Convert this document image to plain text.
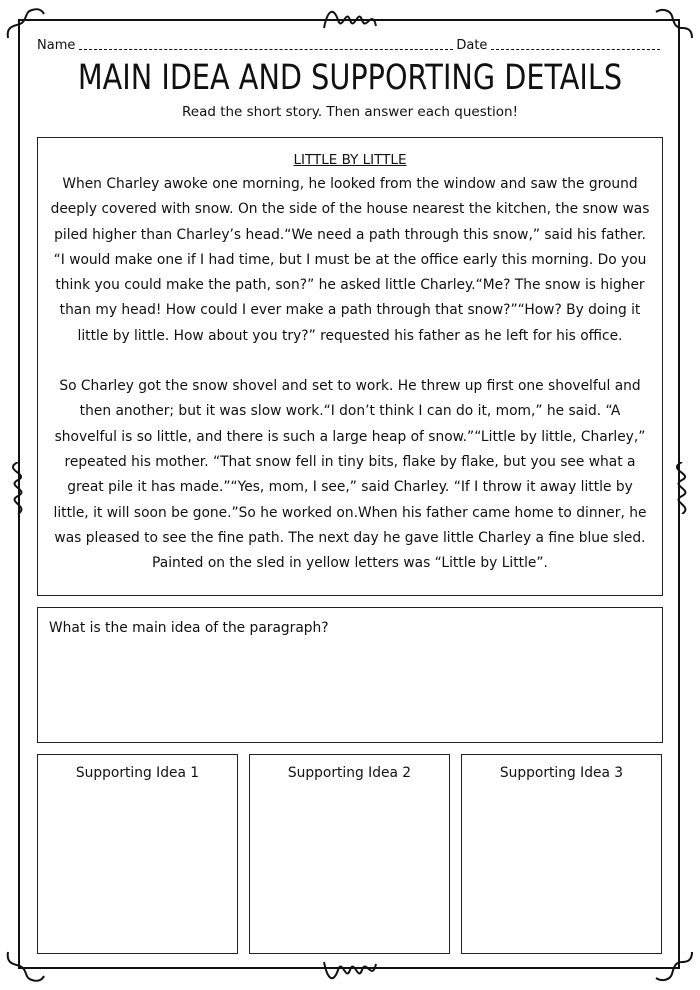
Name	Date
MAIN IDEA AND SUPPORTING DETAILS
Read the short story. Then answer each question!
LITTLE BY LITTLE

When Charley awoke one morning, he looked from the window and saw the ground deeply covered with snow. On the side of the house nearest the kitchen, the snow was piled higher than Charley’s head.“We need a path through this snow,” said his father. “I would make one if I had time, but I must be at the office early this morning. Do you think you could make the path, son?” he asked little Charley.“Me? The snow is higher than my head! How could I ever make a path through that snow?”“How? By doing it little by little. How about you try?” requested his father as he left for his office.

So Charley got the snow shovel and set to work. He threw up first one shovelful and then another; but it was slow work.“I don’t think I can do it, mom,” he said. “A shovelful is so little, and there is such a large heap of snow.”“Little by little, Charley,” repeated his mother. “That snow fell in tiny bits, flake by flake, but you see what a great pile it has made.”“Yes, mom, I see,” said Charley. “If I throw it away little by little, it will soon be gone.”So he worked on.When his father came home to dinner, he was pleased to see the fine path. The next day he gave little Charley a fine blue sled. Painted on the sled in yellow letters was “Little by Little”.

What is the main idea of the paragraph?
Supporting Idea 1	Supporting Idea 2	Supporting Idea 3
